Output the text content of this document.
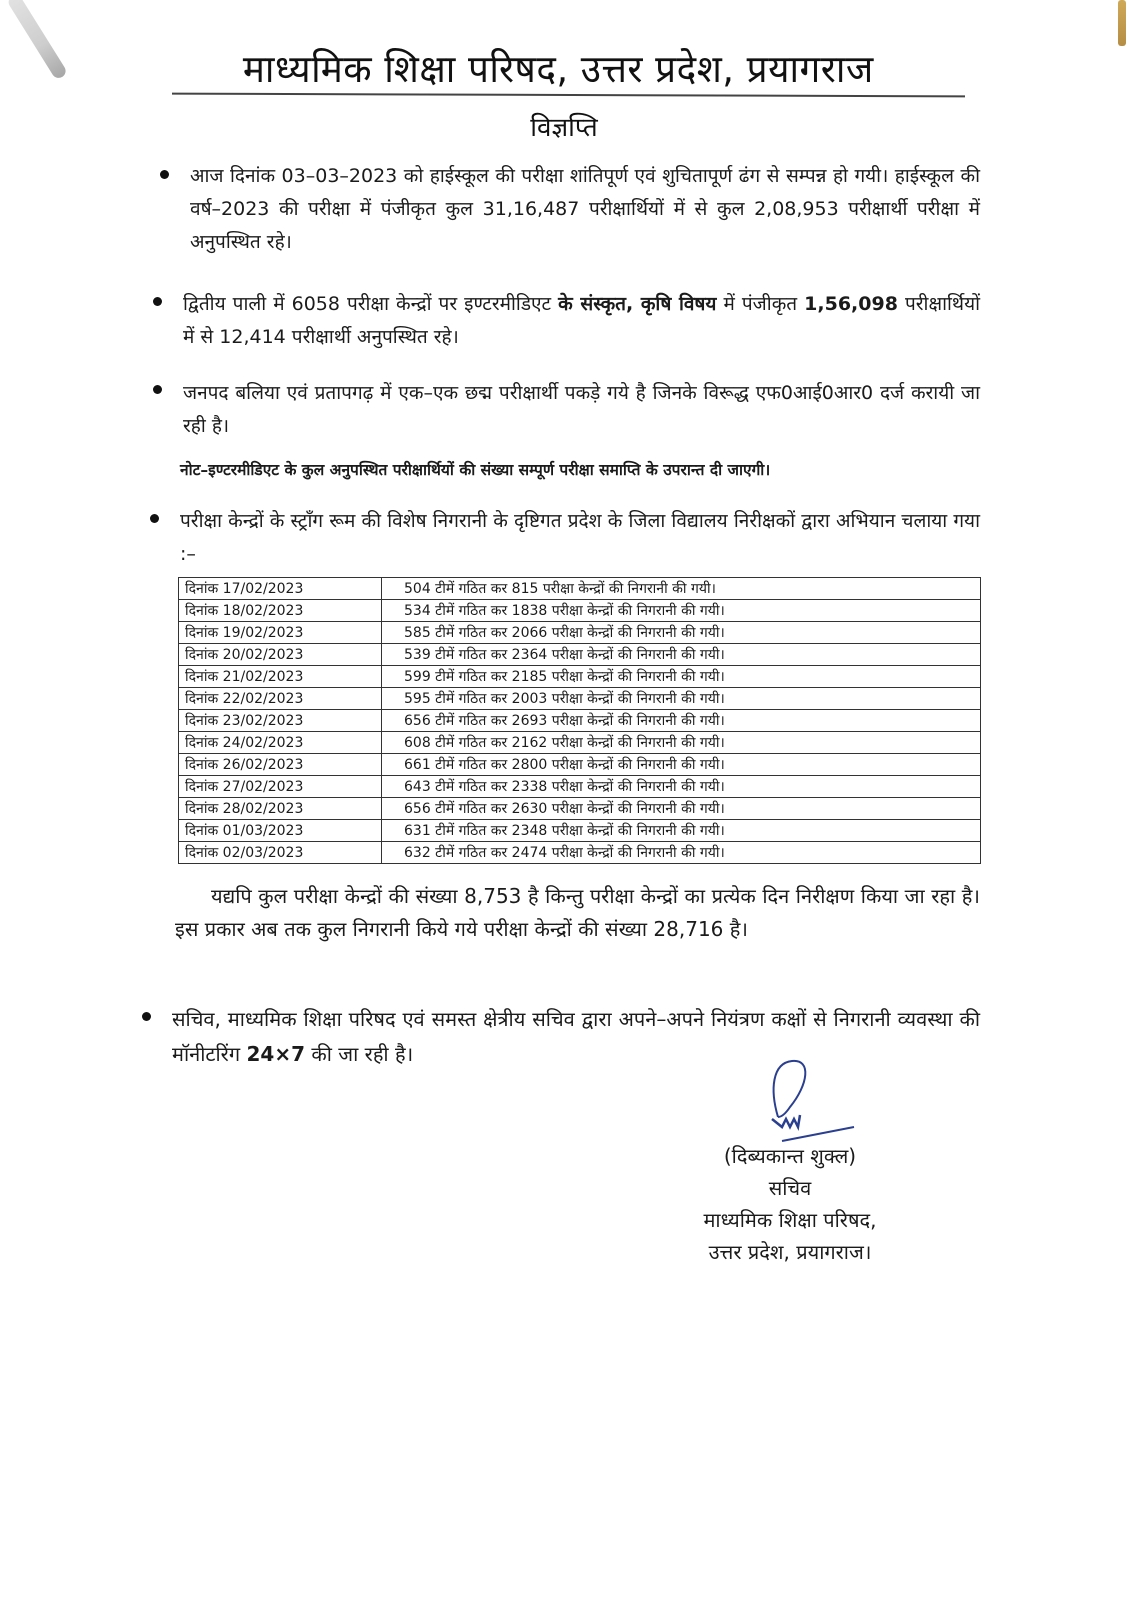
माध्यमिक शिक्षा परिषद, उत्तर प्रदेश, प्रयागराज
विज्ञप्ति
आज दिनांक 03–03–2023 को हाईस्कूल की परीक्षा शांतिपूर्ण एवं शुचितापूर्ण ढंग से सम्पन्न हो गयी। हाईस्कूल की वर्ष–2023 की परीक्षा में पंजीकृत कुल 31,16,487 परीक्षार्थियों में से कुल 2,08,953 परीक्षार्थी परीक्षा में अनुपस्थित रहे।
द्वितीय पाली में 6058 परीक्षा केन्द्रों पर इण्टरमीडिएट के संस्कृत, कृषि विषय में पंजीकृत 1,56,098 परीक्षार्थियों में से 12,414 परीक्षार्थी अनुपस्थित रहे।
जनपद बलिया एवं प्रतापगढ़ में एक–एक छद्म परीक्षार्थी पकड़े गये है जिनके विरूद्ध एफ0आई0आर0 दर्ज करायी जा रही है।
नोट–इण्टरमीडिएट के कुल अनुपस्थित परीक्षार्थियों की संख्या सम्पूर्ण परीक्षा समाप्ति के उपरान्त दी जाएगी।
परीक्षा केन्द्रों के स्ट्राँग रूम की विशेष निगरानी के दृष्टिगत प्रदेश के जिला विद्यालय निरीक्षकों द्वारा अभियान चलाया गया :–
दिनांक 17/02/2023	504 टीमें गठित कर 815 परीक्षा केन्द्रों की निगरानी की गयी।
दिनांक 18/02/2023	534 टीमें गठित कर 1838 परीक्षा केन्द्रों की निगरानी की गयी।
दिनांक 19/02/2023	585 टीमें गठित कर 2066 परीक्षा केन्द्रों की निगरानी की गयी।
दिनांक 20/02/2023	539 टीमें गठित कर 2364 परीक्षा केन्द्रों की निगरानी की गयी।
दिनांक 21/02/2023	599 टीमें गठित कर 2185 परीक्षा केन्द्रों की निगरानी की गयी।
दिनांक 22/02/2023	595 टीमें गठित कर 2003 परीक्षा केन्द्रों की निगरानी की गयी।
दिनांक 23/02/2023	656 टीमें गठित कर 2693 परीक्षा केन्द्रों की निगरानी की गयी।
दिनांक 24/02/2023	608 टीमें गठित कर 2162 परीक्षा केन्द्रों की निगरानी की गयी।
दिनांक 26/02/2023	661 टीमें गठित कर 2800 परीक्षा केन्द्रों की निगरानी की गयी।
दिनांक 27/02/2023	643 टीमें गठित कर 2338 परीक्षा केन्द्रों की निगरानी की गयी।
दिनांक 28/02/2023	656 टीमें गठित कर 2630 परीक्षा केन्द्रों की निगरानी की गयी।
दिनांक 01/03/2023	631 टीमें गठित कर 2348 परीक्षा केन्द्रों की निगरानी की गयी।
दिनांक 02/03/2023	632 टीमें गठित कर 2474 परीक्षा केन्द्रों की निगरानी की गयी।
यद्यपि कुल परीक्षा केन्द्रों की संख्या 8,753 है किन्तु परीक्षा केन्द्रों का प्रत्येक दिन निरीक्षण किया जा रहा है। इस प्रकार अब तक कुल निगरानी किये गये परीक्षा केन्द्रों की संख्या 28,716 है।
सचिव, माध्यमिक शिक्षा परिषद एवं समस्त क्षेत्रीय सचिव द्वारा अपने–अपने नियंत्रण कक्षों से निगरानी व्यवस्था की मॉनीटरिंग 24×7 की जा रही है।
(दिब्यकान्त शुक्ल)
सचिव
माध्यमिक शिक्षा परिषद,
उत्तर प्रदेश, प्रयागराज।
